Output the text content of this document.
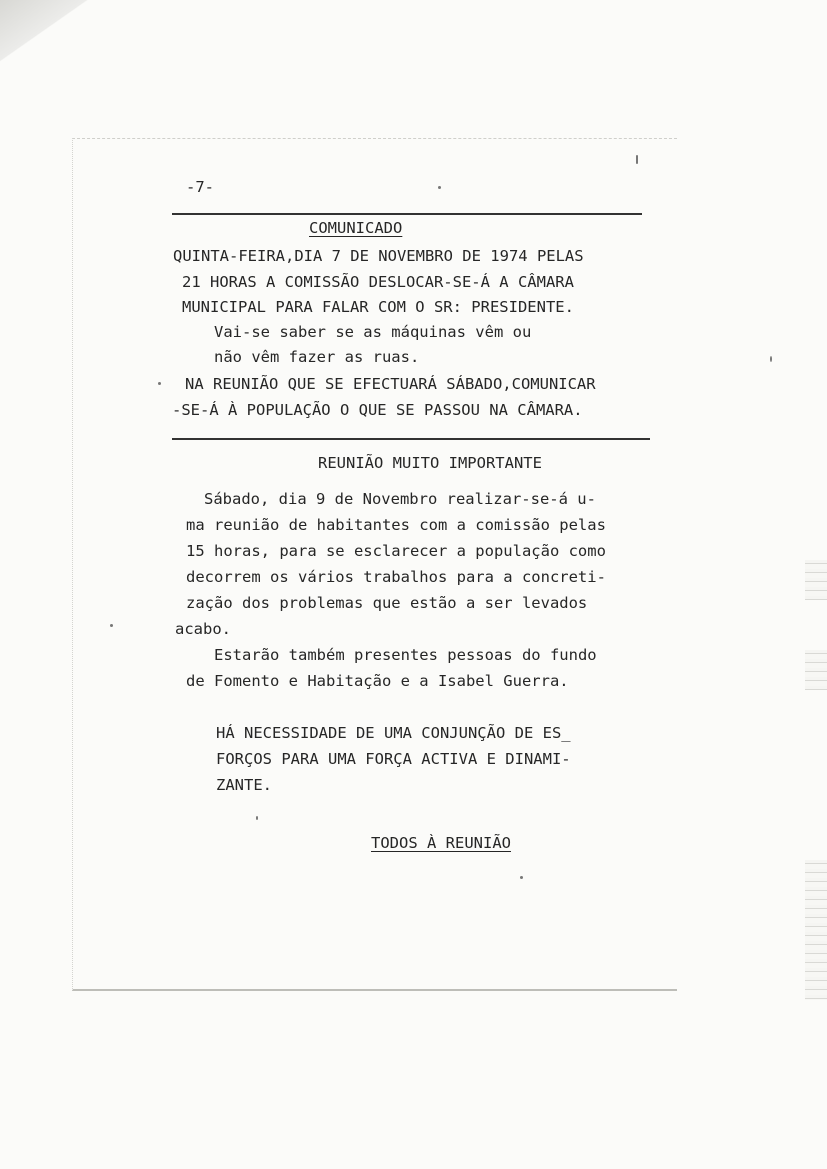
-7-
COMUNICADO
QUINTA-FEIRA,DIA 7 DE NOVEMBRO DE 1974 PELAS
21 HORAS A COMISSÃO DESLOCAR-SE-Á A CÂMARA
MUNICIPAL PARA FALAR COM O SR: PRESIDENTE.
Vai-se saber se as máquinas vêm ou
não vêm fazer as ruas.
NA REUNIÃO QUE SE EFECTUARÁ SÁBADO,COMUNICAR
-SE-Á À POPULAÇÃO O QUE SE PASSOU NA CÂMARA.
REUNIÃO MUITO IMPORTANTE
Sábado, dia 9 de Novembro realizar-se-á u-
ma reunião de habitantes com a comissão pelas
15 horas, para se esclarecer a população como
decorrem os vários trabalhos para a concreti-
zação dos problemas que estão a ser levados
acabo.
Estarão também presentes pessoas do fundo
de Fomento e Habitação e a Isabel Guerra.
HÁ NECESSIDADE DE UMA CONJUNÇÃO DE ES_
FORÇOS PARA UMA FORÇA ACTIVA E DINAMI-
ZANTE.
TODOS À REUNIÃO
